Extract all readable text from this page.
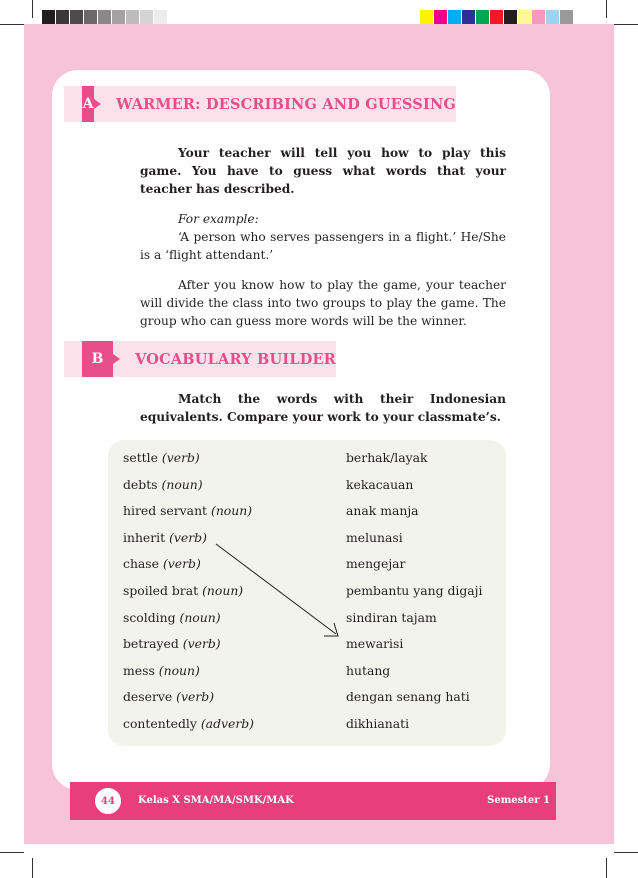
A WARMER: DESCRIBING AND GUESSING

Your teacher will tell you how to play this game. You have to guess what words that your teacher has described.

For example:

‘A person who serves passengers in a flight.’ He/She is a ‘flight attendant.’

After you know how to play the game, your teacher will divide the class into two groups to play the game. The group who can guess more words will be the winner.

B	VOCABULARY BUILDER

Match the words with their Indonesian equivalents. Compare your work to your classmate’s.

settle (verb)	berhak/layak
debts (noun)	kekacauan
hired servant (noun)	anak manja
inherit (verb)	melunasi
chase (verb)	mengejar
spoiled brat (noun)	pembantu yang digaji
scolding (noun)	sindiran tajam
betrayed (verb)	mewarisi
mess (noun)	hutang
deserve (verb)	dengan senang hati
contentedly (adverb)	dikhianati
44	Kelas X SMA/MA/SMK/MAK	Semester 1
